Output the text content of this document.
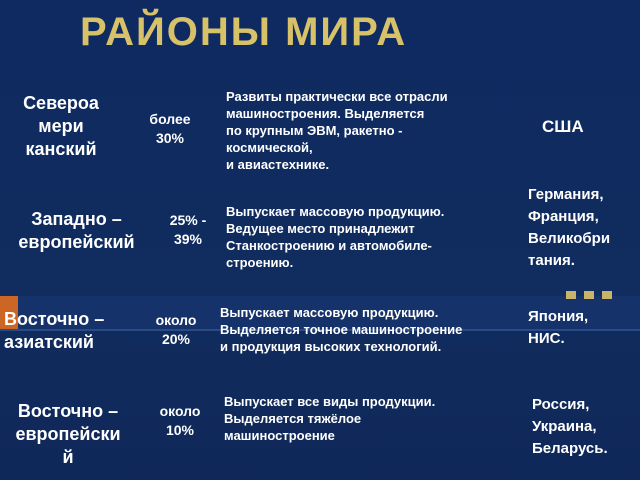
РАЙОНЫ МИРА
Североа
мери
канский
более
30%
Развиты практически все отрасли
машиностроения. Выделяется
по крупным ЭВМ, ракетно -
космической,
и авиастехнике.
США
Западно –
европейский
25% -
39%
Выпускает массовую продукцию.
Ведущее место принадлежит
Станкостроению и автомобиле-
строению.
Германия,
Франция,
Великобри
тания.
Восточно –
азиатский
около
20%
Выпускает массовую продукцию.
Выделяется точное машиностроение
и продукция высоких технологий.
Япония,
НИС.
Восточно –
европейски
й
около
10%
Выпускает все виды продукции.
Выделяется тяжёлое
машиностроение
Россия,
Украина,
Беларусь.
